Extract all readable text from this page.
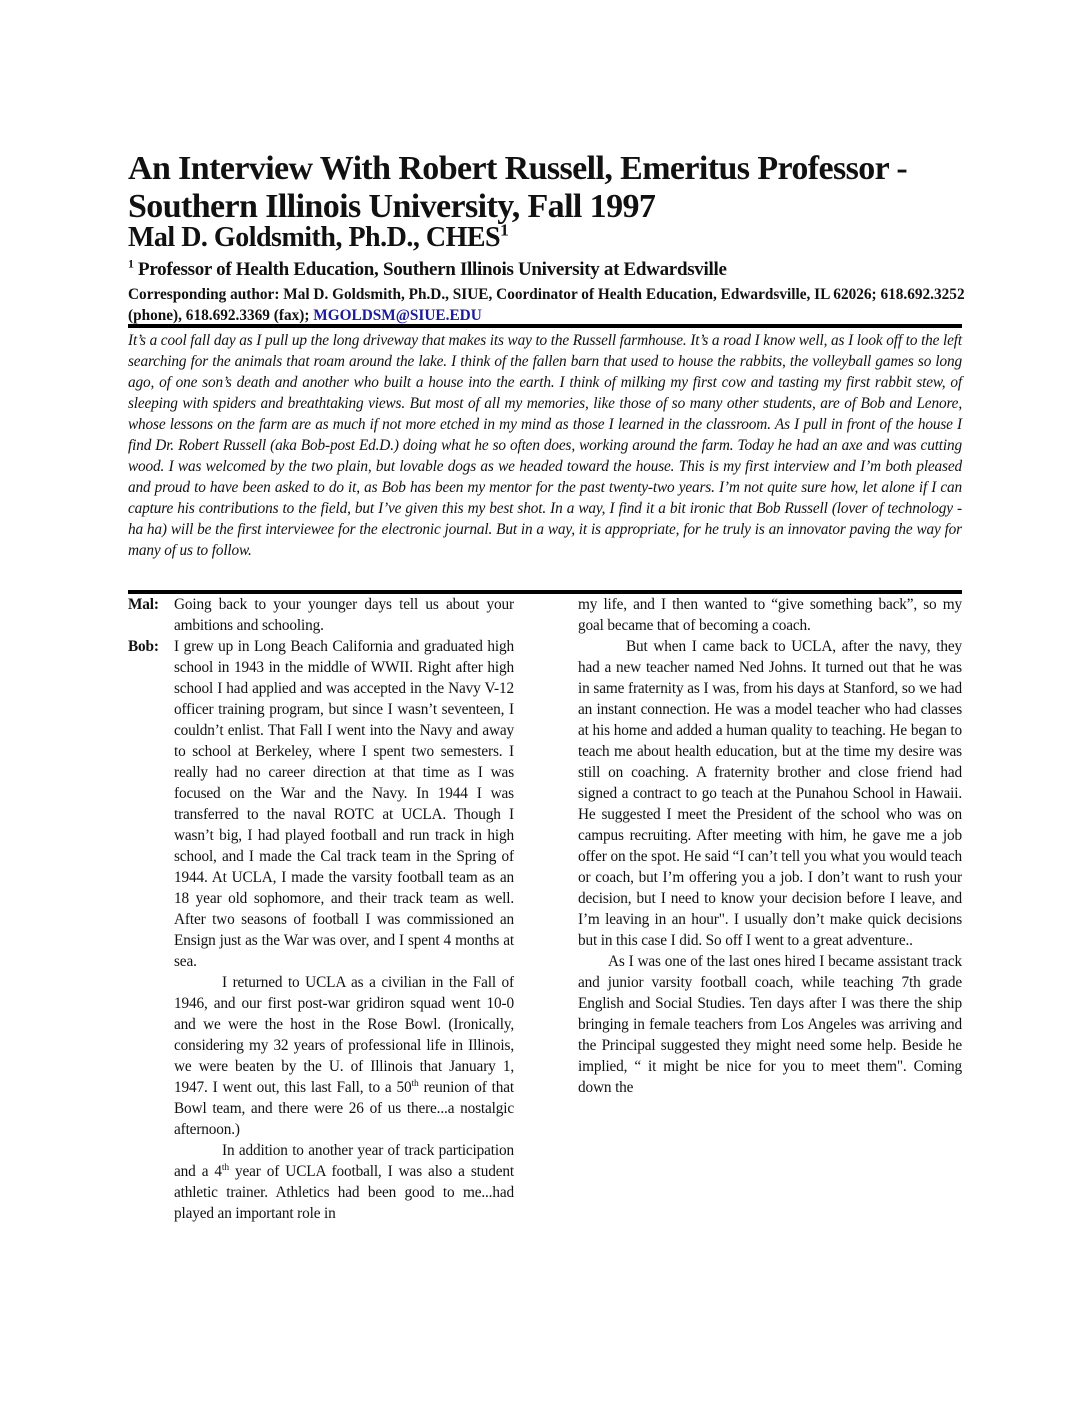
An Interview With Robert Russell, Emeritus Professor - Southern Illinois University, Fall 1997
Mal D. Goldsmith, Ph.D., CHES$^1$

$^1$ Professor of Health Education, Southern Illinois University at Edwardsville

Corresponding author: Mal D. Goldsmith, Ph.D., SIUE, Coordinator of Health Education, Edwardsville, IL 62026; 618.692.3252 (phone), 618.692.3369 (fax); MGOLDSM@SIUE.EDU

It’s a cool fall day as I pull up the long driveway that makes its way to the Russell farmhouse. It’s a road I know well, as I look off to the left searching for the animals that roam around the lake. I think of the fallen barn that used to house the rabbits, the volleyball games so long ago, of one son’s death and another who built a house into the earth. I think of milking my first cow and tasting my first rabbit stew, of sleeping with spiders and breathtaking views. But most of all my memories, like those of so many other students, are of Bob and Lenore, whose lessons on the farm are as much if not more etched in my mind as those I learned in the classroom. As I pull in front of the house I find Dr. Robert Russell (aka Bob-post Ed.D.) doing what he so often does, working around the farm. Today he had an axe and was cutting wood. I was welcomed by the two plain, but lovable dogs as we headed toward the house. This is my first interview and I’m both pleased and proud to have been asked to do it, as Bob has been my mentor for the past twenty-two years. I’m not quite sure how, let alone if I can capture his contributions to the field, but I’ve given this my best shot. In a way, I find it a bit ironic that Bob Russell (lover of technology - ha ha) will be the first interviewee for the electronic journal. But in a way, it is appropriate, for he truly is an innovator paving the way for many of us to follow.

Mal: Going back to your younger days tell us about your ambitions and schooling.

Bob: I grew up in Long Beach California and graduated high school in 1943 in the middle of WWII. Right after high school I had applied and was accepted in the Navy V-12 officer training program, but since I wasn’t seventeen, I couldn’t enlist. That Fall I went into the Navy and away to school at Berkeley, where I spent two semesters. I really had no career direction at that time as I was focused on the War and the Navy. In 1944 I was transferred to the naval ROTC at UCLA. Though I wasn’t big, I had played football and run track in high school, and I made the Cal track team in the Spring of 1944. At UCLA, I made the varsity football team as an 18 year old sophomore, and their track team as well. After two seasons of football I was commissioned an Ensign just as the War was over, and I spent 4 months at sea.

I returned to UCLA as a civilian in the Fall of 1946, and our first post-war gridiron squad went 10-0 and we were the host in the Rose Bowl. (Ironically, considering my 32 years of professional life in Illinois, we were beaten by the U. of Illinois that January 1, 1947. I went out, this last Fall, to a 50th reunion of that Bowl team, and there were 26 of us there...a nostalgic afternoon.)

In addition to another year of track participation and a 4th year of UCLA football, I was also a student athletic trainer. Athletics had been good to me...had played an important role in

my life, and I then wanted to “give something back”, so my goal became that of becoming a coach.

But when I came back to UCLA, after the navy, they had a new teacher named Ned Johns. It turned out that he was in same fraternity as I was, from his days at Stanford, so we had an instant connection. He was a model teacher who had classes at his home and added a human quality to teaching. He began to teach me about health education, but at the time my desire was still on coaching. A fraternity brother and close friend had signed a contract to go teach at the Punahou School in Hawaii. He suggested I meet the President of the school who was on campus recruiting. After meeting with him, he gave me a job offer on the spot. He said “I can’t tell you what you would teach or coach, but I’m offering you a job. I don’t want to rush your decision, but I need to know your decision before I leave, and I’m leaving in an hour". I usually don’t make quick decisions but in this case I did. So off I went to a great adventure..

As I was one of the last ones hired I became assistant track and junior varsity football coach, while teaching 7th grade English and Social Studies. Ten days after I was there the ship bringing in female teachers from Los Angeles was arriving and the Principal suggested they might need some help. Beside he implied, “ it might be nice for you to meet them". Coming down the
